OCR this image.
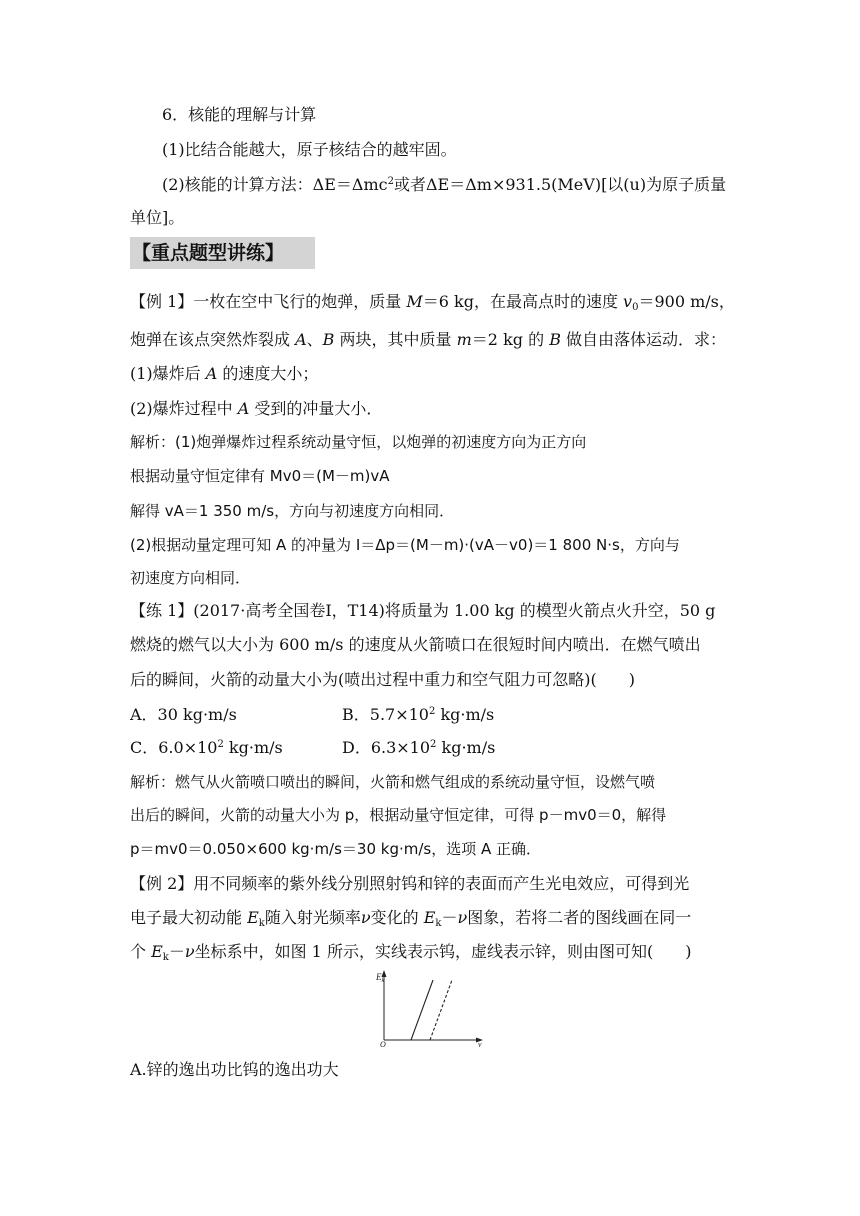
6．核能的理解与计算
(1)比结合能越大，原子核结合的越牢固。
(2)核能的计算方法：ΔE＝Δmc$^2$或者ΔE＝Δm×931.5(MeV)[以(u)为原子质量
单位]。
【重点题型讲练】
【例 1】一枚在空中飞行的炮弹，质量 M＝6 kg，在最高点时的速度 $v_0=900$ m/s，
炮弹在该点突然炸裂成 A、B 两块，其中质量 m＝2 kg 的 B 做自由落体运动．求：
(1)爆炸后 A 的速度大小；
(2)爆炸过程中 A 受到的冲量大小．
解析：(1)炮弹爆炸过程系统动量守恒，以炮弹的初速度方向为正方向
根据动量守恒定律有 Mv0＝(M－m)vA
解得 vA＝1 350 m/s，方向与初速度方向相同．
(2)根据动量定理可知 A 的冲量为 I＝Δp＝(M－m)·(vA－v0)＝1 800 N·s，方向与
初速度方向相同．
【练 1】(2017·高考全国卷Ⅰ，T14)将质量为 1.00 kg 的模型火箭点火升空，50 g
燃烧的燃气以大小为 600 m/s 的速度从火箭喷口在很短时间内喷出．在燃气喷出
后的瞬间，火箭的动量大小为(喷出过程中重力和空气阻力可忽略)(　　)
A．30 kg·m/s	B．$5.7\times 10^2$ kg·m/s
C．$6.0\times 10^2$ kg·m/s	D．$6.3\times 10^2$ kg·m/s
解析：燃气从火箭喷口喷出的瞬间，火箭和燃气组成的系统动量守恒，设燃气喷
出后的瞬间，火箭的动量大小为 p，根据动量守恒定律，可得 p－mv0＝0，解得
p＝mv0＝0.050×600 kg·m/s＝30 kg·m/s，选项 A 正确．
【例 2】用不同频率的紫外线分别照射钨和锌的表面而产生光电效应，可得到光
电子最大初动能 $E_k$随入射光频率ν变化的 $E_k-\nu$图象，若将二者的图线画在同一
个 $E_k-\nu$坐标系中，如图 1 所示，实线表示钨，虚线表示锌，则由图可知(　　)
$E_k$
O	ν
A.锌的逸出功比钨的逸出功大
